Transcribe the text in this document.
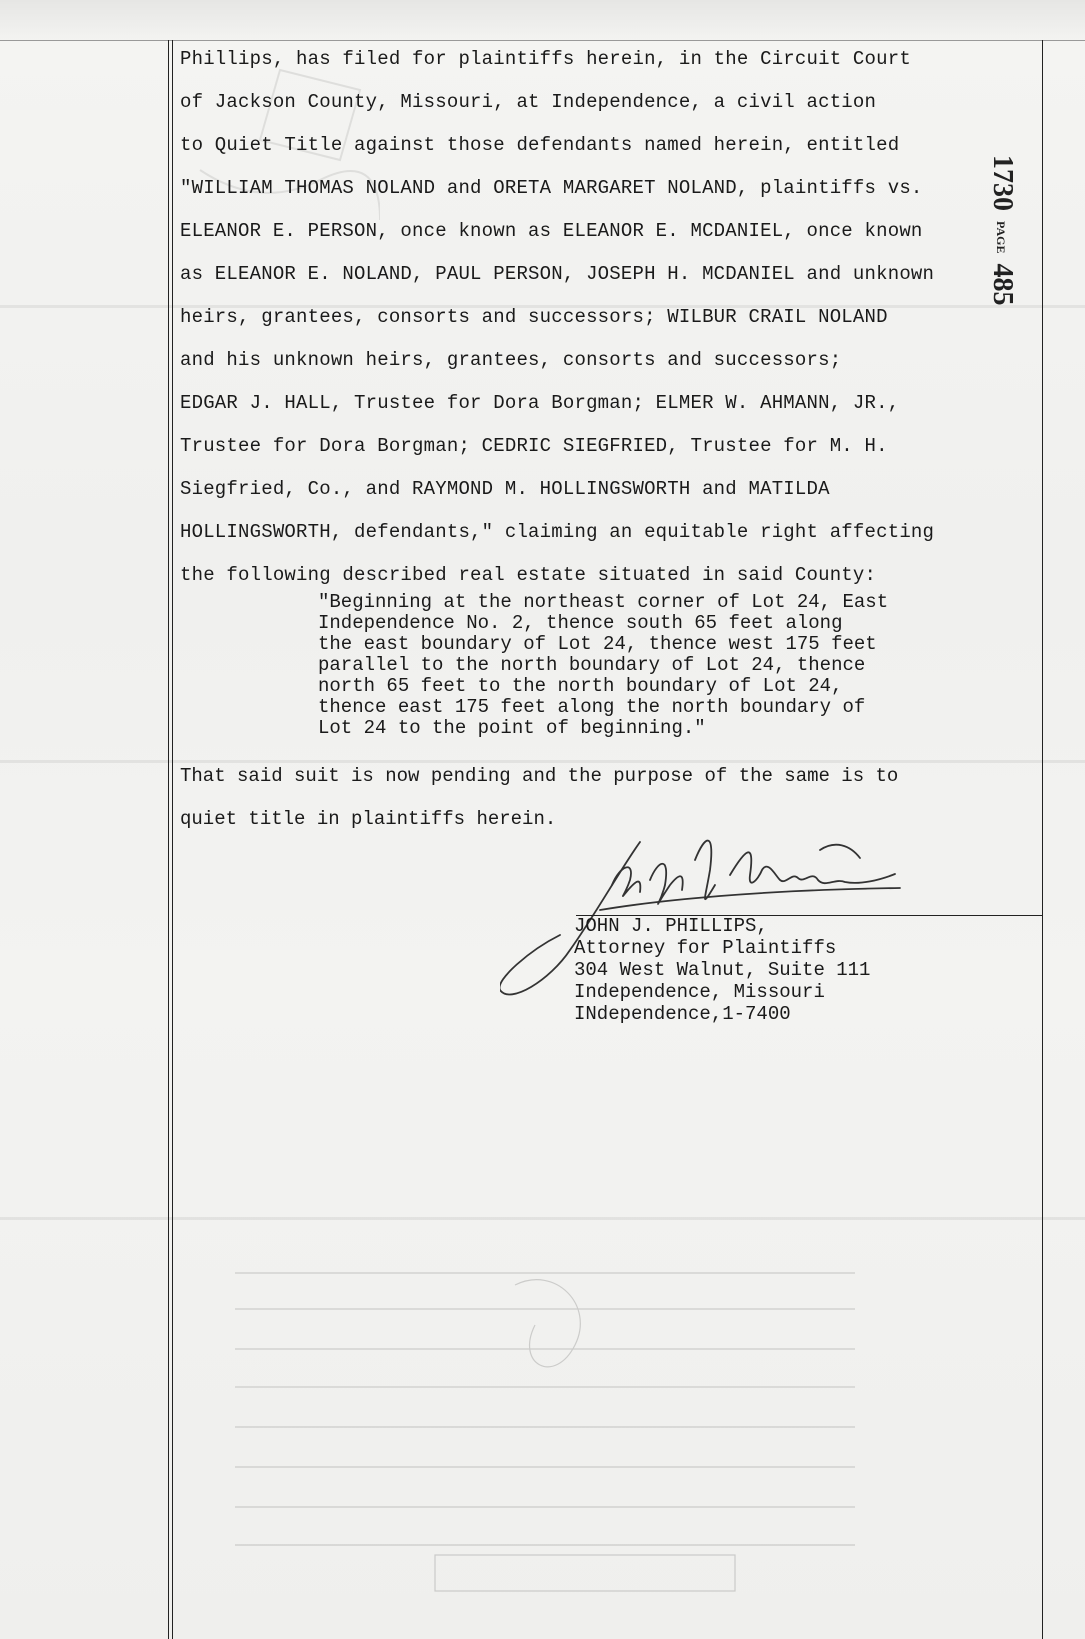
1730 PAGE 485

Phillips, has filed for plaintiffs herein, in the Circuit Court

of Jackson County, Missouri, at Independence, a civil action

to Quiet Title against those defendants named herein, entitled

"WILLIAM THOMAS NOLAND and ORETA MARGARET NOLAND, plaintiffs vs.

ELEANOR E. PERSON, once known as ELEANOR E. MCDANIEL, once known

as ELEANOR E. NOLAND, PAUL PERSON, JOSEPH H. MCDANIEL and unknown

heirs, grantees, consorts and successors; WILBUR CRAIL NOLAND

and his unknown heirs, grantees, consorts and successors;

EDGAR J. HALL, Trustee for Dora Borgman; ELMER W. AHMANN, JR.,

Trustee for Dora Borgman; CEDRIC SIEGFRIED, Trustee for M. H.

Siegfried, Co., and RAYMOND M. HOLLINGSWORTH and MATILDA

HOLLINGSWORTH, defendants," claiming an equitable right affecting

the following described real estate situated in said County:

"Beginning at the northeast corner of Lot 24, East

Independence No. 2, thence south 65 feet along

the east boundary of Lot 24, thence west 175 feet

parallel to the north boundary of Lot 24, thence

north 65 feet to the north boundary of Lot 24,

thence east 175 feet along the north boundary of

Lot 24 to the point of beginning."

That said suit is now pending and the purpose of the same is to

quiet title in plaintiffs herein.

JOHN J. PHILLIPS,

Attorney for Plaintiffs

304 West Walnut, Suite 111

Independence, Missouri

INdependence,1-7400
